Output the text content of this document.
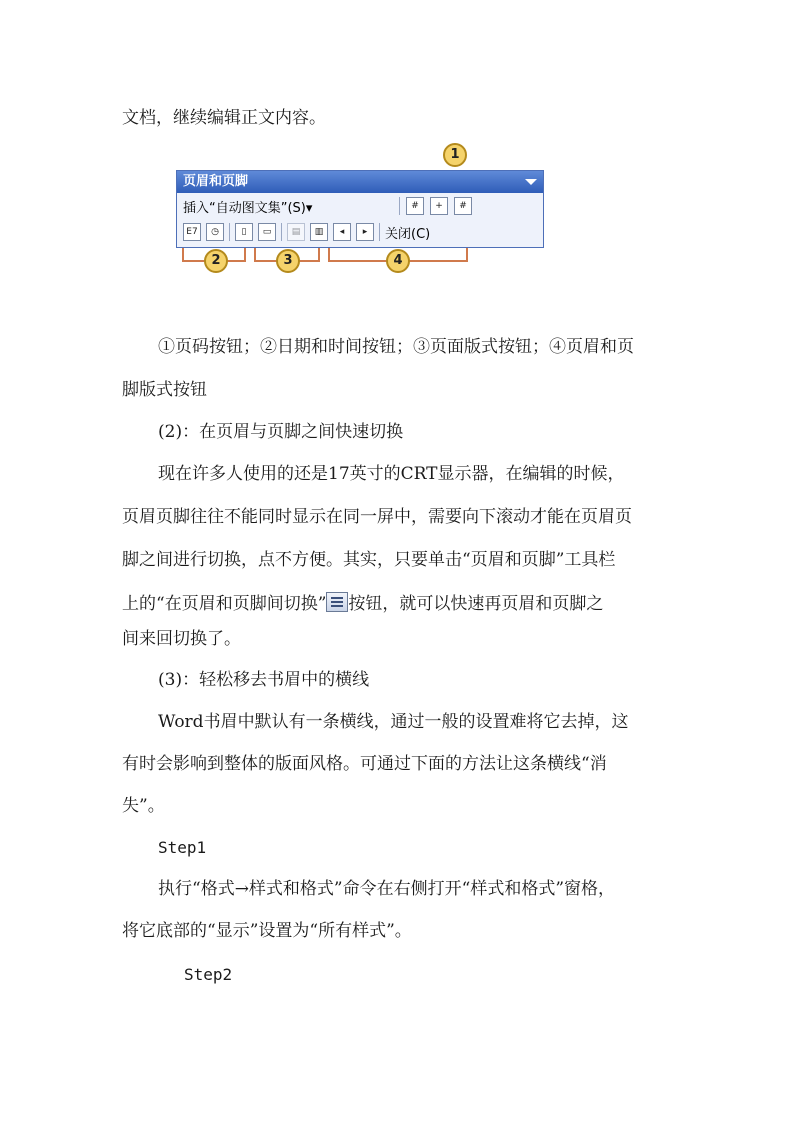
文档，继续编辑正文内容。
1
页眉和页脚
插入“自动图文集”(S)▾	#	+	#
E7	◷	▯	▭	▤	▥	◂	▸	关闭(C)
2	3	4
①页码按钮；②日期和时间按钮；③页面版式按钮；④页眉和页
脚版式按钮
(2)：在页眉与页脚之间快速切换
现在许多人使用的还是17英寸的CRT显示器，在编辑的时候，
页眉页脚往往不能同时显示在同一屏中，需要向下滚动才能在页眉页
脚之间进行切换，点不方便。其实，只要单击“页眉和页脚”工具栏
上的“在页眉和页脚间切换” 按钮，就可以快速再页眉和页脚之
间来回切换了。
(3)：轻松移去书眉中的横线
Word书眉中默认有一条横线，通过一般的设置难将它去掉，这
有时会影响到整体的版面风格。可通过下面的方法让这条横线“消
失”。
Step1
执行“格式→样式和格式”命令在右侧打开“样式和格式”窗格，
将它底部的“显示”设置为“所有样式”。
Step2
